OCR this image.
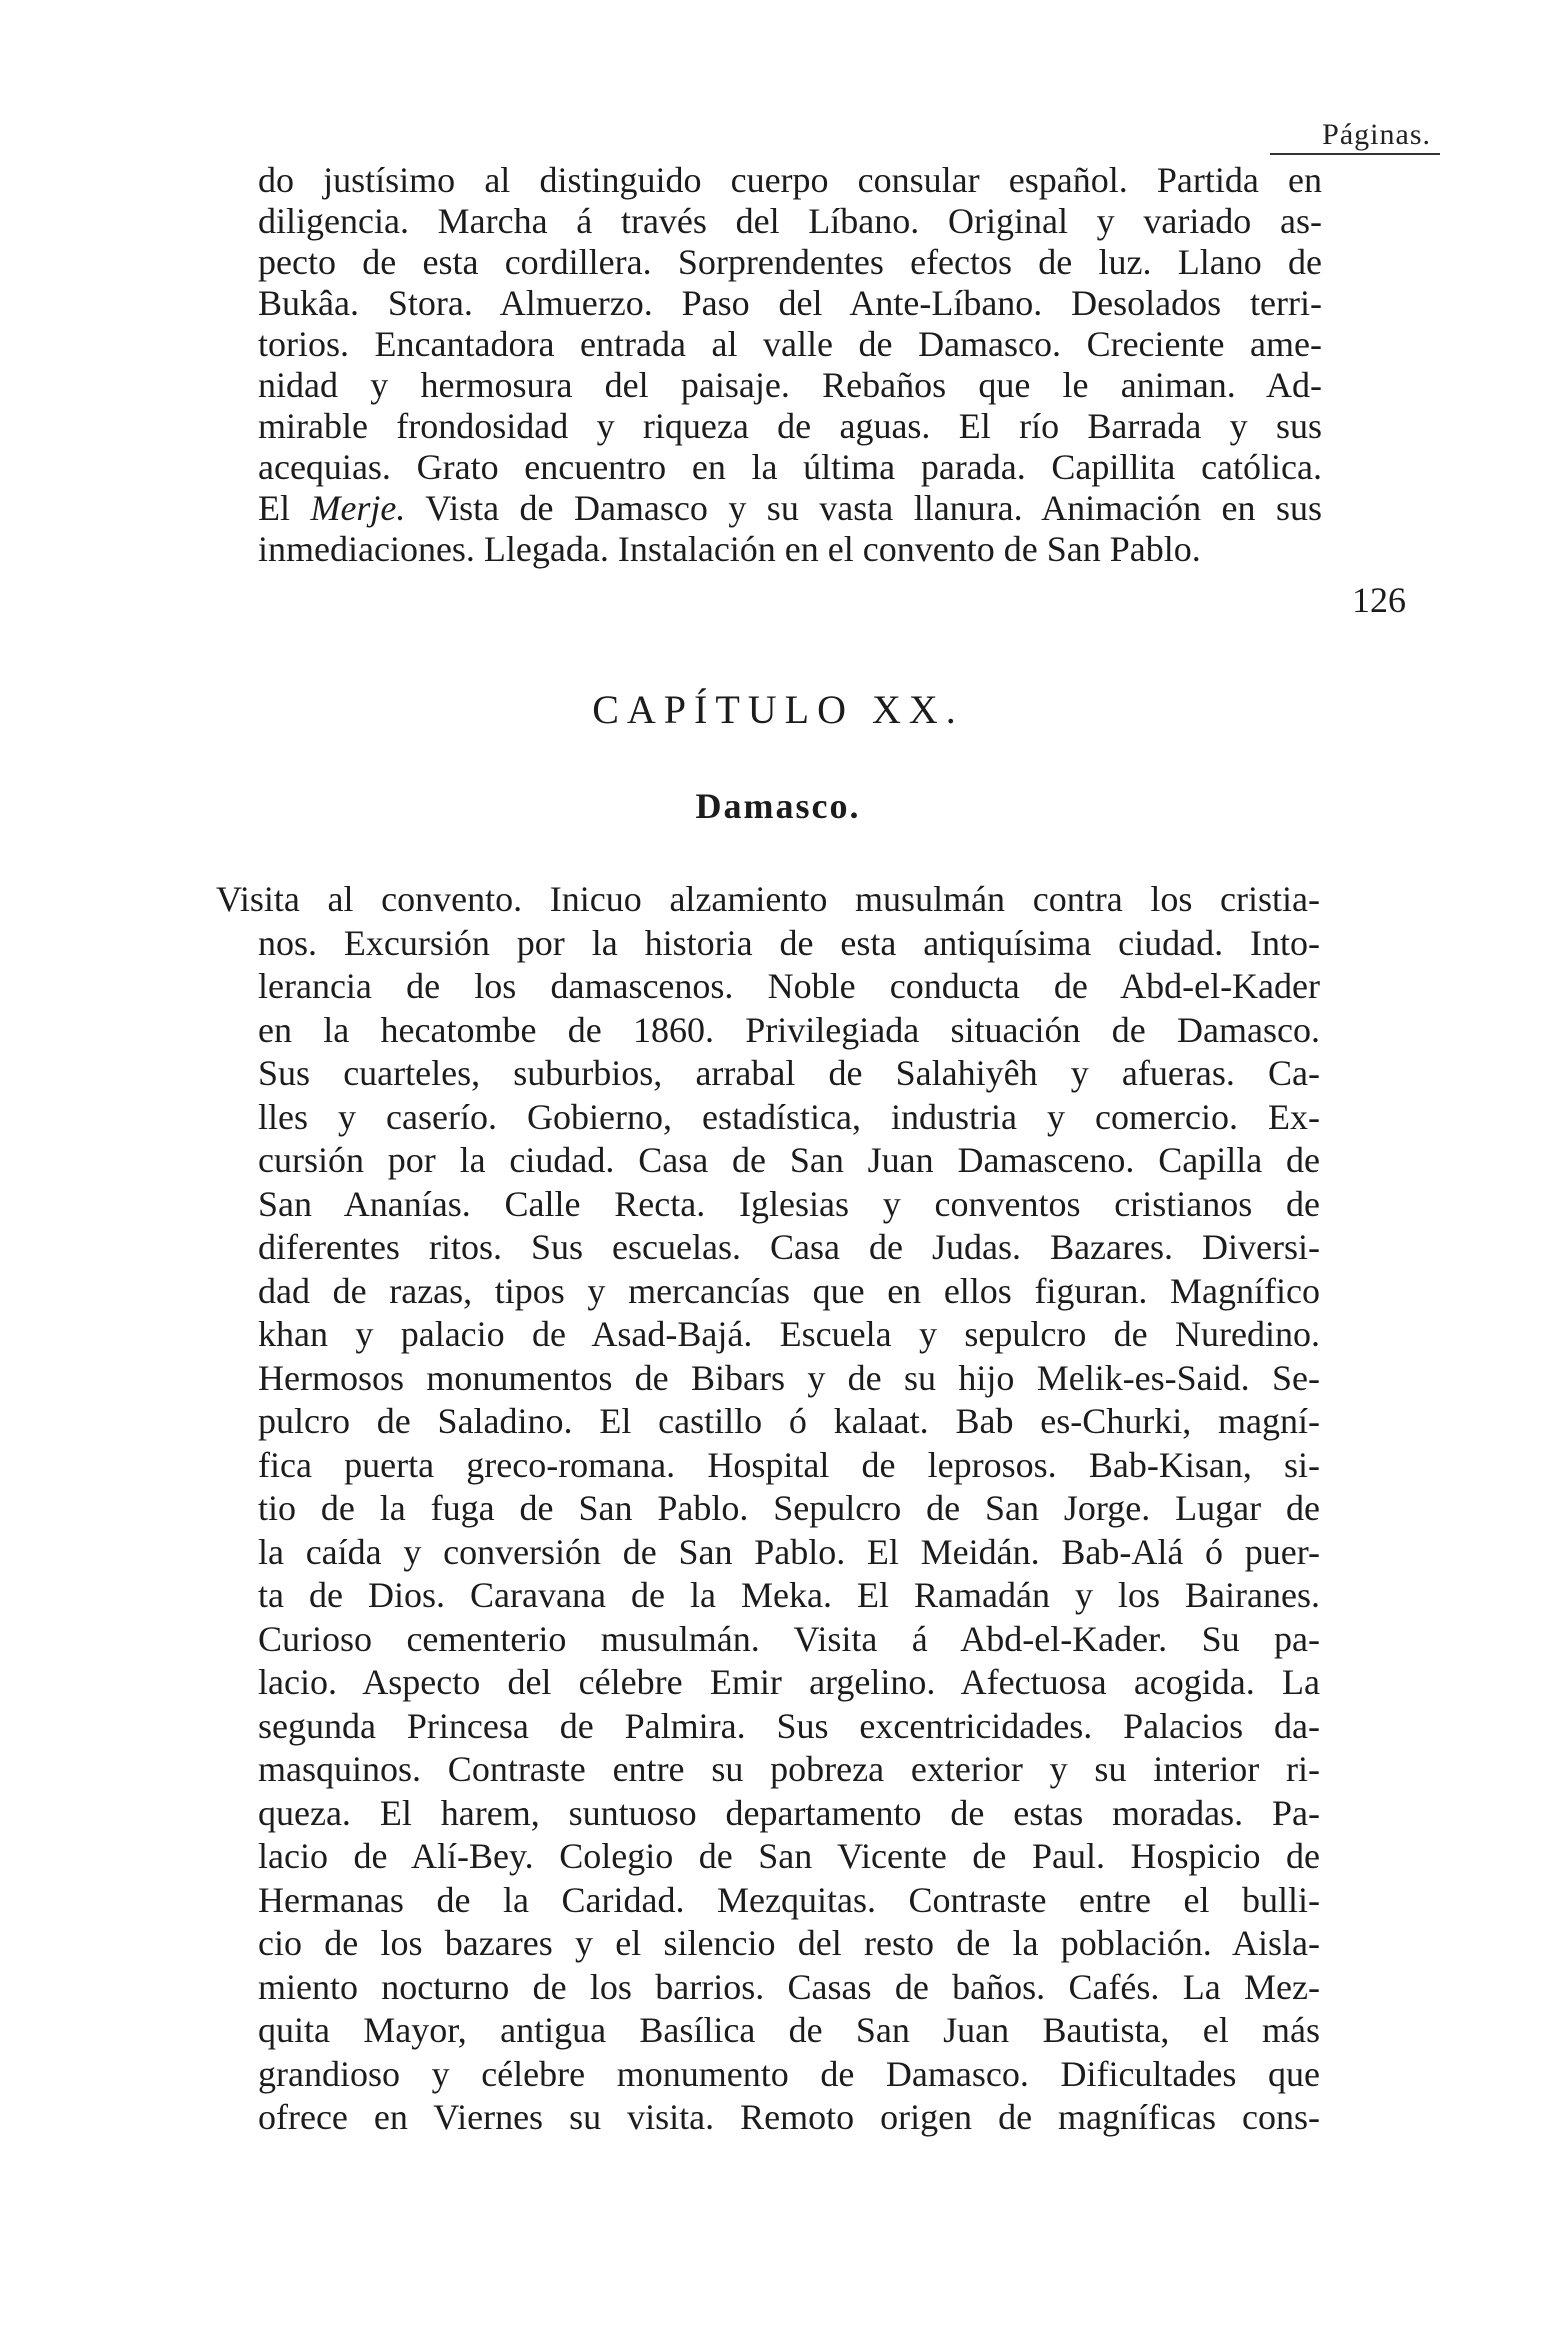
Páginas.
do justísimo al distinguido cuerpo consular español. Partida en
diligencia. Marcha á través del Líbano. Original y variado as-
pecto de esta cordillera. Sorprendentes efectos de luz. Llano de
Bukâa. Stora. Almuerzo. Paso del Ante-Líbano. Desolados terri-
torios. Encantadora entrada al valle de Damasco. Creciente ame-
nidad y hermosura del paisaje. Rebaños que le animan. Ad-
mirable frondosidad y riqueza de aguas. El río Barrada y sus
acequias. Grato encuentro en la última parada. Capillita católica.
El Merje. Vista de Damasco y su vasta llanura. Animación en sus
inmediaciones. Llegada. Instalación en el convento de San Pablo.
126
CAPÍTULO XX.
Damasco.
Visita al convento. Inicuo alzamiento musulmán contra los cristia-
nos. Excursión por la historia de esta antiquísima ciudad. Into-
lerancia de los damascenos. Noble conducta de Abd-el-Kader
en la hecatombe de 1860. Privilegiada situación de Damasco.
Sus cuarteles, suburbios, arrabal de Salahiyêh y afueras. Ca-
lles y caserío. Gobierno, estadística, industria y comercio. Ex-
cursión por la ciudad. Casa de San Juan Damasceno. Capilla de
San Ananías. Calle Recta. Iglesias y conventos cristianos de
diferentes ritos. Sus escuelas. Casa de Judas. Bazares. Diversi-
dad de razas, tipos y mercancías que en ellos figuran. Magnífico
khan y palacio de Asad-Bajá. Escuela y sepulcro de Nuredino.
Hermosos monumentos de Bibars y de su hijo Melik-es-Said. Se-
pulcro de Saladino. El castillo ó kalaat. Bab es-Churki, magní-
fica puerta greco-romana. Hospital de leprosos. Bab-Kisan, si-
tio de la fuga de San Pablo. Sepulcro de San Jorge. Lugar de
la caída y conversión de San Pablo. El Meidán. Bab-Alá ó puer-
ta de Dios. Caravana de la Meka. El Ramadán y los Bairanes.
Curioso cementerio musulmán. Visita á Abd-el-Kader. Su pa-
lacio. Aspecto del célebre Emir argelino. Afectuosa acogida. La
segunda Princesa de Palmira. Sus excentricidades. Palacios da-
masquinos. Contraste entre su pobreza exterior y su interior ri-
queza. El harem, suntuoso departamento de estas moradas. Pa-
lacio de Alí-Bey. Colegio de San Vicente de Paul. Hospicio de
Hermanas de la Caridad. Mezquitas. Contraste entre el bulli-
cio de los bazares y el silencio del resto de la población. Aisla-
miento nocturno de los barrios. Casas de baños. Cafés. La Mez-
quita Mayor, antigua Basílica de San Juan Bautista, el más
grandioso y célebre monumento de Damasco. Dificultades que
ofrece en Viernes su visita. Remoto origen de magníficas cons-
